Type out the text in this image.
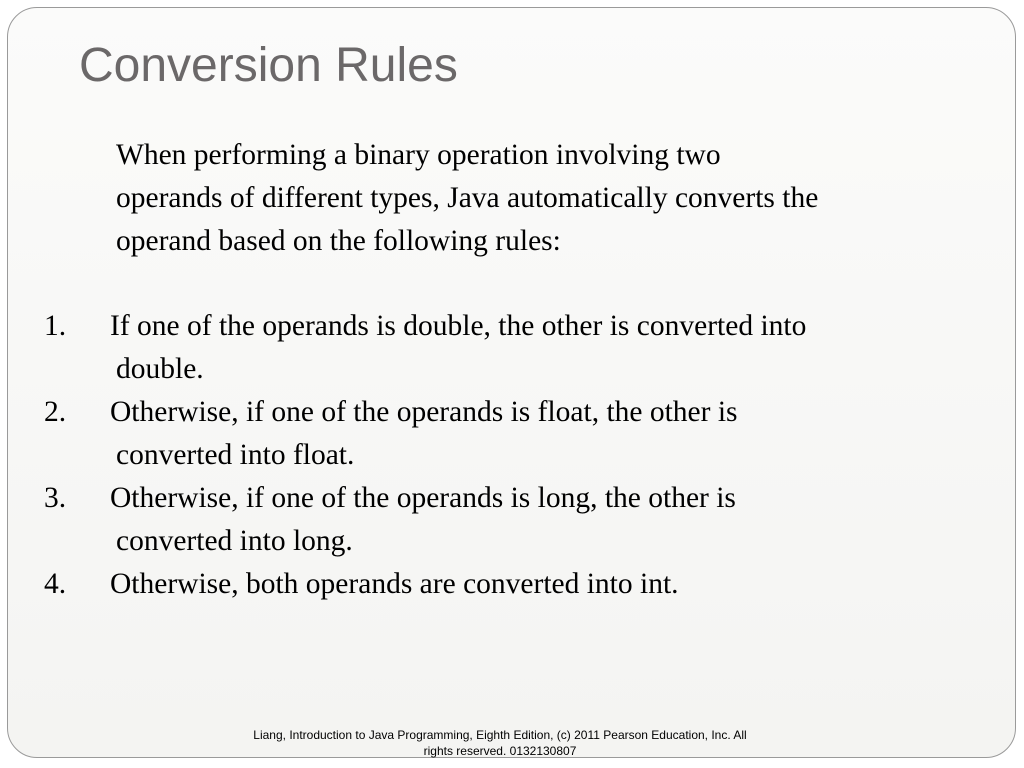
Conversion Rules

When performing a binary operation involving two
operands of different types, Java automatically converts the
operand based on the following rules:

1. If one of the operands is double, the other is converted into
double.
2. Otherwise, if one of the operands is float, the other is
converted into float.
3. Otherwise, if one of the operands is long, the other is
converted into long.
4. Otherwise, both operands are converted into int.

Liang, Introduction to Java Programming, Eighth Edition, (c) 2011 Pearson Education, Inc. All
rights reserved. 0132130807
